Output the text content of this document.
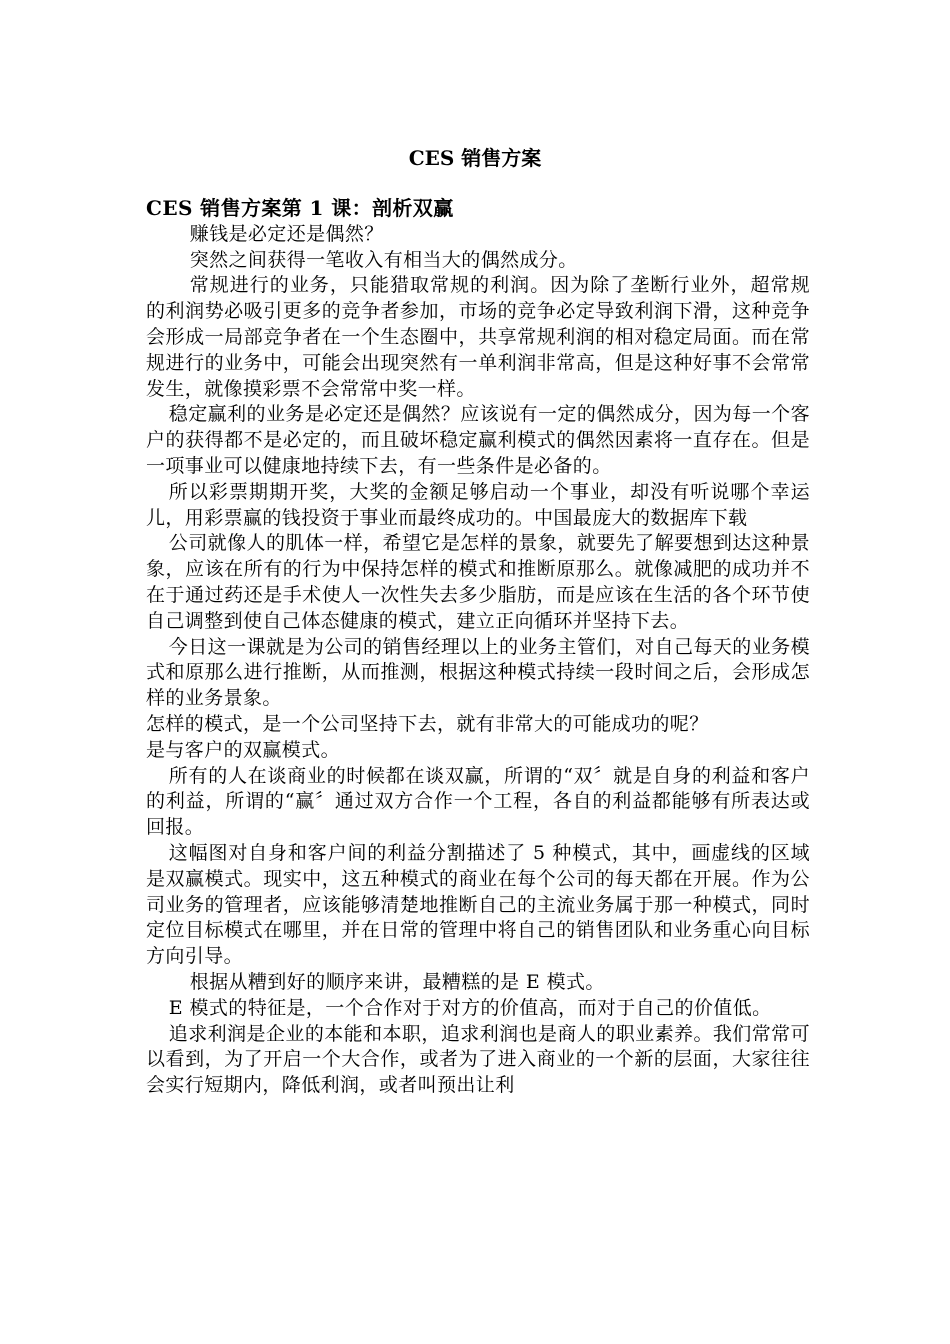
CES 销售方案

CES 销售方案第 1 课：剖析双赢

赚钱是必定还是偶然？

突然之间获得一笔收入有相当大的偶然成分。

常规进行的业务，只能猎取常规的利润。因为除了垄断行业外，超常规的利润势必吸引更多的竞争者参加，市场的竞争必定导致利润下滑，这种竞争会形成一局部竞争者在一个生态圈中，共享常规利润的相对稳定局面。而在常规进行的业务中，可能会出现突然有一单利润非常高，但是这种好事不会常常发生，就像摸彩票不会常常中奖一样。

稳定赢利的业务是必定还是偶然？应该说有一定的偶然成分，因为每一个客户的获得都不是必定的，而且破坏稳定赢利模式的偶然因素将一直存在。但是一项事业可以健康地持续下去，有一些条件是必备的。

所以彩票期期开奖，大奖的金额足够启动一个事业，却没有听说哪个幸运儿，用彩票赢的钱投资于事业而最终成功的。中国最庞大的数据库下载

公司就像人的肌体一样，希望它是怎样的景象，就要先了解要想到达这种景象，应该在所有的行为中保持怎样的模式和推断原那么。就像减肥的成功并不在于通过药还是手术使人一次性失去多少脂肪，而是应该在生活的各个环节使自己调整到使自己体态健康的模式，建立正向循环并坚持下去。

今日这一课就是为公司的销售经理以上的业务主管们，对自己每天的业务模式和原那么进行推断，从而推测，根据这种模式持续一段时间之后，会形成怎样的业务景象。

怎样的模式，是一个公司坚持下去，就有非常大的可能成功的呢？

是与客户的双赢模式。

所有的人在谈商业的时候都在谈双赢，所谓的“双〞就是自身的利益和客户的利益，所谓的“赢〞通过双方合作一个工程，各自的利益都能够有所表达或回报。

这幅图对自身和客户间的利益分割描述了 5 种模式，其中，画虚线的区域是双赢模式。现实中，这五种模式的商业在每个公司的每天都在开展。作为公司业务的管理者，应该能够清楚地推断自己的主流业务属于那一种模式，同时定位目标模式在哪里，并在日常的管理中将自己的销售团队和业务重心向目标方向引导。

根据从糟到好的顺序来讲，最糟糕的是 E 模式。

E 模式的特征是，一个合作对于对方的价值高，而对于自己的价值低。

追求利润是企业的本能和本职，追求利润也是商人的职业素养。我们常常可以看到，为了开启一个大合作，或者为了进入商业的一个新的层面，大家往往会实行短期内，降低利润，或者叫预出让利
